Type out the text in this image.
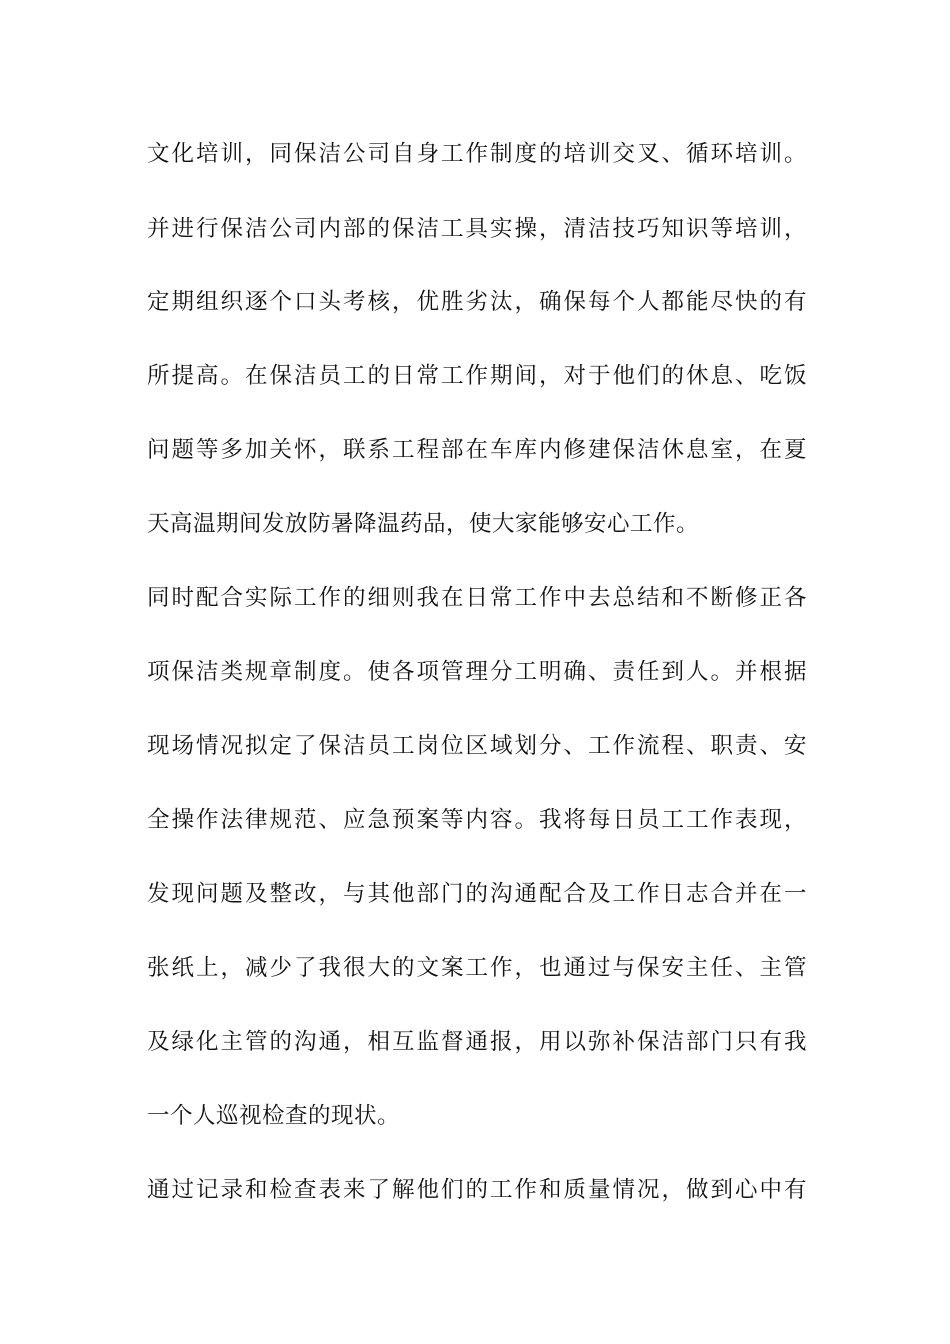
文化培训，同保洁公司自身工作制度的培训交叉、循环培训。
并进行保洁公司内部的保洁工具实操，清洁技巧知识等培训，
定期组织逐个口头考核，优胜劣汰，确保每个人都能尽快的有
所提高。在保洁员工的日常工作期间，对于他们的休息、吃饭
问题等多加关怀，联系工程部在车库内修建保洁休息室，在夏
天高温期间发放防暑降温药品，使大家能够安心工作。
同时配合实际工作的细则我在日常工作中去总结和不断修正各
项保洁类规章制度。使各项管理分工明确、责任到人。并根据
现场情况拟定了保洁员工岗位区域划分、工作流程、职责、安
全操作法律规范、应急预案等内容。我将每日员工工作表现，
发现问题及整改，与其他部门的沟通配合及工作日志合并在一
张纸上，减少了我很大的文案工作，也通过与保安主任、主管
及绿化主管的沟通，相互监督通报，用以弥补保洁部门只有我
一个人巡视检查的现状。
通过记录和检查表来了解他们的工作和质量情况，做到心中有
